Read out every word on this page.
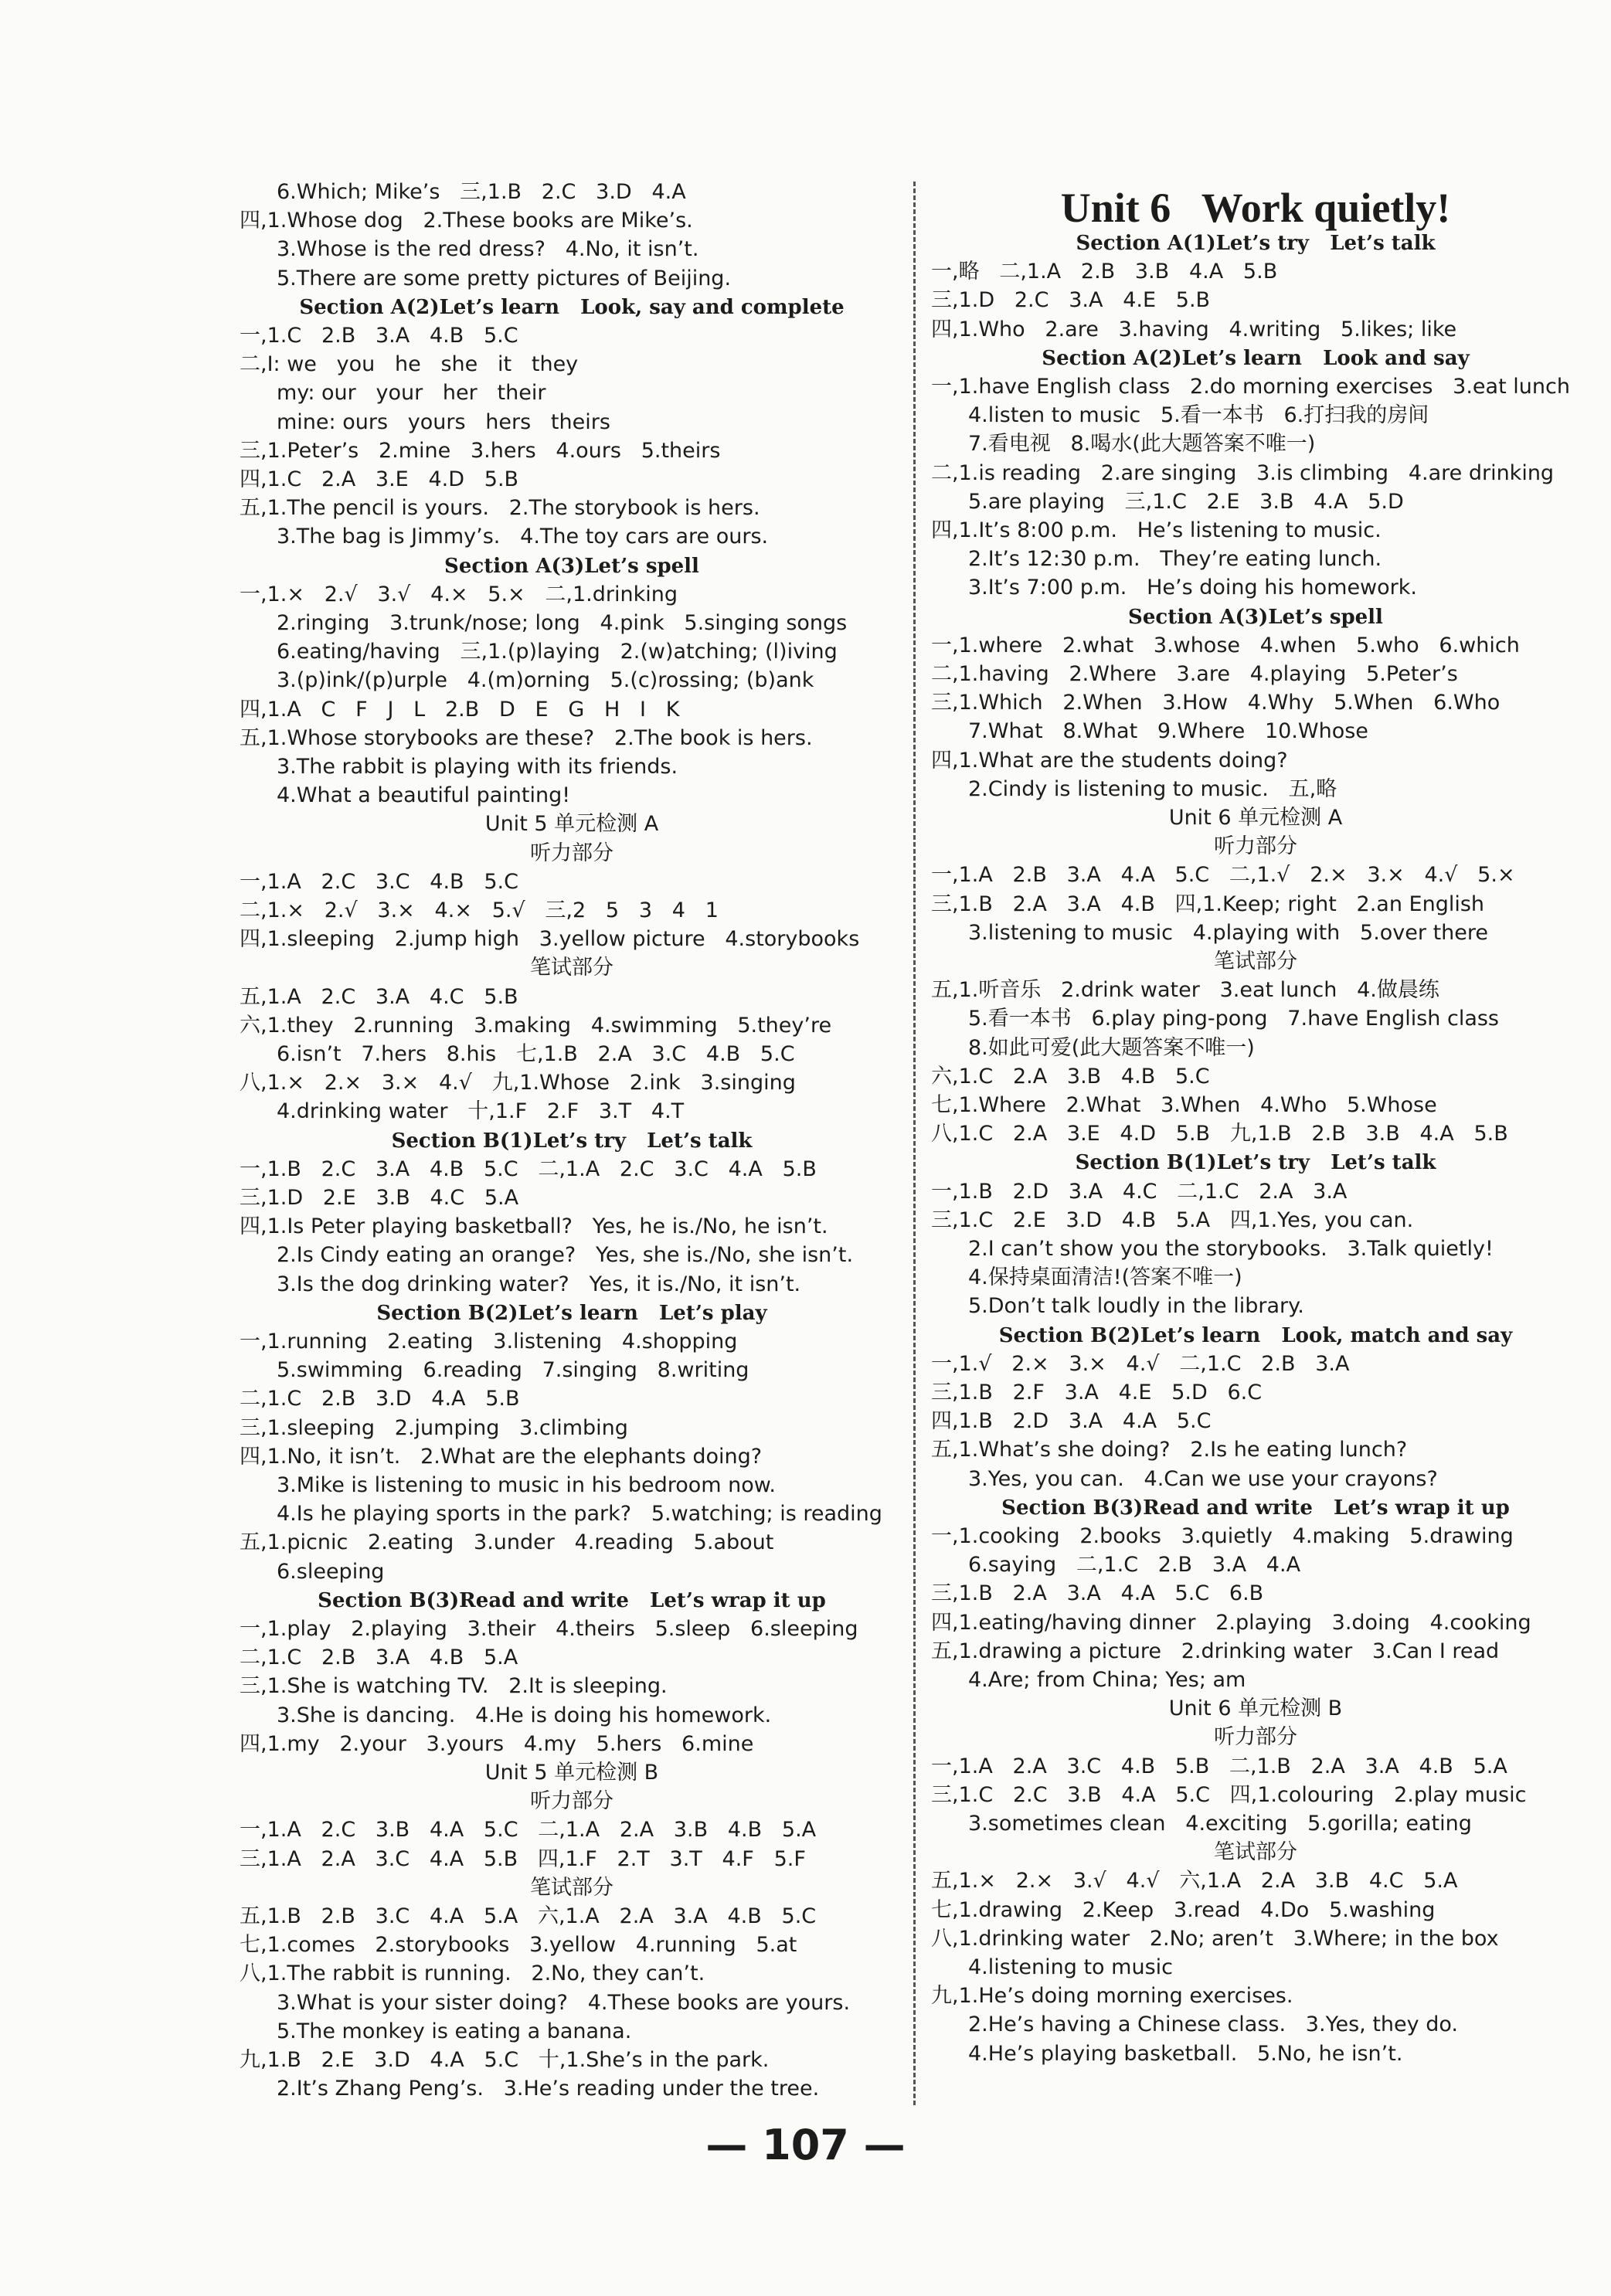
6.Which; Mike’s   三,1.B   2.C   3.D   4.A
四,1.Whose dog   2.These books are Mike’s.
3.Whose is the red dress?   4.No, it isn’t.
5.There are some pretty pictures of Beijing.
Section A(2)Let’s learn   Look, say and complete
一,1.C   2.B   3.A   4.B   5.C
二,I: we   you   he   she   it   they
my: our   your   her   their
mine: ours   yours   hers   theirs
三,1.Peter’s   2.mine   3.hers   4.ours   5.theirs
四,1.C   2.A   3.E   4.D   5.B
五,1.The pencil is yours.   2.The storybook is hers.
3.The bag is Jimmy’s.   4.The toy cars are ours.
Section A(3)Let’s spell
一,1.×   2.√   3.√   4.×   5.×   二,1.drinking
2.ringing   3.trunk/nose; long   4.pink   5.singing songs
6.eating/having   三,1.(p)laying   2.(w)atching; (l)iving
3.(p)ink/(p)urple   4.(m)orning   5.(c)rossing; (b)ank
四,1.A   C   F   J   L   2.B   D   E   G   H   I   K
五,1.Whose storybooks are these?   2.The book is hers.
3.The rabbit is playing with its friends.
4.What a beautiful painting!
Unit 5 单元检测 A
听力部分
一,1.A   2.C   3.C   4.B   5.C
二,1.×   2.√   3.×   4.×   5.√   三,2   5   3   4   1
四,1.sleeping   2.jump high   3.yellow picture   4.storybooks
笔试部分
五,1.A   2.C   3.A   4.C   5.B
六,1.they   2.running   3.making   4.swimming   5.they’re
6.isn’t   7.hers   8.his   七,1.B   2.A   3.C   4.B   5.C
八,1.×   2.×   3.×   4.√   九,1.Whose   2.ink   3.singing
4.drinking water   十,1.F   2.F   3.T   4.T
Section B(1)Let’s try   Let’s talk
一,1.B   2.C   3.A   4.B   5.C   二,1.A   2.C   3.C   4.A   5.B
三,1.D   2.E   3.B   4.C   5.A
四,1.Is Peter playing basketball?   Yes, he is./No, he isn’t.
2.Is Cindy eating an orange?   Yes, she is./No, she isn’t.
3.Is the dog drinking water?   Yes, it is./No, it isn’t.
Section B(2)Let’s learn   Let’s play
一,1.running   2.eating   3.listening   4.shopping
5.swimming   6.reading   7.singing   8.writing
二,1.C   2.B   3.D   4.A   5.B
三,1.sleeping   2.jumping   3.climbing
四,1.No, it isn’t.   2.What are the elephants doing?
3.Mike is listening to music in his bedroom now.
4.Is he playing sports in the park?   5.watching; is reading
五,1.picnic   2.eating   3.under   4.reading   5.about
6.sleeping
Section B(3)Read and write   Let’s wrap it up
一,1.play   2.playing   3.their   4.theirs   5.sleep   6.sleeping
二,1.C   2.B   3.A   4.B   5.A
三,1.She is watching TV.   2.It is sleeping.
3.She is dancing.   4.He is doing his homework.
四,1.my   2.your   3.yours   4.my   5.hers   6.mine
Unit 5 单元检测 B
听力部分
一,1.A   2.C   3.B   4.A   5.C   二,1.A   2.A   3.B   4.B   5.A
三,1.A   2.A   3.C   4.A   5.B   四,1.F   2.T   3.T   4.F   5.F
笔试部分
五,1.B   2.B   3.C   4.A   5.A   六,1.A   2.A   3.A   4.B   5.C
七,1.comes   2.storybooks   3.yellow   4.running   5.at
八,1.The rabbit is running.   2.No, they can’t.
3.What is your sister doing?   4.These books are yours.
5.The monkey is eating a banana.
九,1.B   2.E   3.D   4.A   5.C   十,1.She’s in the park.
2.It’s Zhang Peng’s.   3.He’s reading under the tree.
Unit 6   Work quietly!
Section A(1)Let’s try   Let’s talk
一,略   二,1.A   2.B   3.B   4.A   5.B
三,1.D   2.C   3.A   4.E   5.B
四,1.Who   2.are   3.having   4.writing   5.likes; like
Section A(2)Let’s learn   Look and say
一,1.have English class   2.do morning exercises   3.eat lunch
4.listen to music   5.看一本书   6.打扫我的房间
7.看电视   8.喝水(此大题答案不唯一)
二,1.is reading   2.are singing   3.is climbing   4.are drinking
5.are playing   三,1.C   2.E   3.B   4.A   5.D
四,1.It’s 8:00 p.m.   He’s listening to music.
2.It’s 12:30 p.m.   They’re eating lunch.
3.It’s 7:00 p.m.   He’s doing his homework.
Section A(3)Let’s spell
一,1.where   2.what   3.whose   4.when   5.who   6.which
二,1.having   2.Where   3.are   4.playing   5.Peter’s
三,1.Which   2.When   3.How   4.Why   5.When   6.Who
7.What   8.What   9.Where   10.Whose
四,1.What are the students doing?
2.Cindy is listening to music.   五,略
Unit 6 单元检测 A
听力部分
一,1.A   2.B   3.A   4.A   5.C   二,1.√   2.×   3.×   4.√   5.×
三,1.B   2.A   3.A   4.B   四,1.Keep; right   2.an English
3.listening to music   4.playing with   5.over there
笔试部分
五,1.听音乐   2.drink water   3.eat lunch   4.做晨练
5.看一本书   6.play ping-pong   7.have English class
8.如此可爱(此大题答案不唯一)
六,1.C   2.A   3.B   4.B   5.C
七,1.Where   2.What   3.When   4.Who   5.Whose
八,1.C   2.A   3.E   4.D   5.B   九,1.B   2.B   3.B   4.A   5.B
Section B(1)Let’s try   Let’s talk
一,1.B   2.D   3.A   4.C   二,1.C   2.A   3.A
三,1.C   2.E   3.D   4.B   5.A   四,1.Yes, you can.
2.I can’t show you the storybooks.   3.Talk quietly!
4.保持桌面清洁!(答案不唯一)
5.Don’t talk loudly in the library.
Section B(2)Let’s learn   Look, match and say
一,1.√   2.×   3.×   4.√   二,1.C   2.B   3.A
三,1.B   2.F   3.A   4.E   5.D   6.C
四,1.B   2.D   3.A   4.A   5.C
五,1.What’s she doing?   2.Is he eating lunch?
3.Yes, you can.   4.Can we use your crayons?
Section B(3)Read and write   Let’s wrap it up
一,1.cooking   2.books   3.quietly   4.making   5.drawing
6.saying   二,1.C   2.B   3.A   4.A
三,1.B   2.A   3.A   4.A   5.C   6.B
四,1.eating/having dinner   2.playing   3.doing   4.cooking
五,1.drawing a picture   2.drinking water   3.Can I read
4.Are; from China; Yes; am
Unit 6 单元检测 B
听力部分
一,1.A   2.A   3.C   4.B   5.B   二,1.B   2.A   3.A   4.B   5.A
三,1.C   2.C   3.B   4.A   5.C   四,1.colouring   2.play music
3.sometimes clean   4.exciting   5.gorilla; eating
笔试部分
五,1.×   2.×   3.√   4.√   六,1.A   2.A   3.B   4.C   5.A
七,1.drawing   2.Keep   3.read   4.Do   5.washing
八,1.drinking water   2.No; aren’t   3.Where; in the box
4.listening to music
九,1.He’s doing morning exercises.
2.He’s having a Chinese class.   3.Yes, they do.
4.He’s playing basketball.   5.No, he isn’t.
— 107 —
